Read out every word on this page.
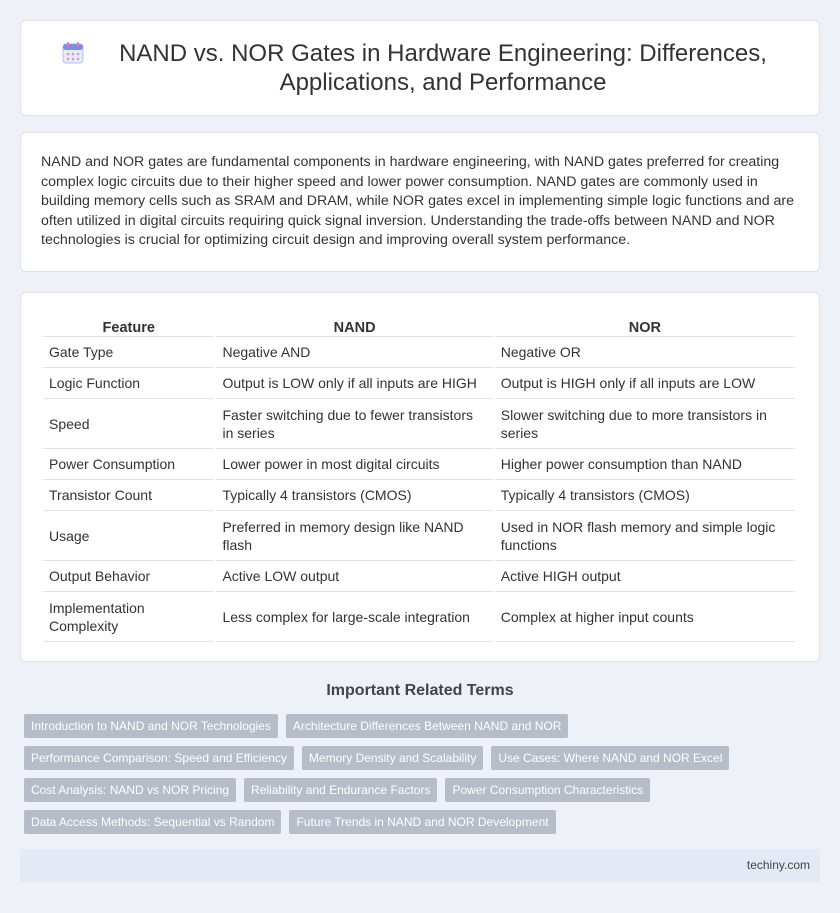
NAND vs. NOR Gates in Hardware Engineering: Differences, Applications, and Performance

NAND and NOR gates are fundamental components in hardware engineering, with NAND gates preferred for creating complex logic circuits due to their higher speed and lower power consumption. NAND gates are commonly used in building memory cells such as SRAM and DRAM, while NOR gates excel in implementing simple logic functions and are often utilized in digital circuits requiring quick signal inversion. Understanding the trade-offs between NAND and NOR technologies is crucial for optimizing circuit design and improving overall system performance.

Feature	NAND	NOR
Gate Type	Negative AND	Negative OR
Logic Function	Output is LOW only if all inputs are HIGH	Output is HIGH only if all inputs are LOW
Speed	Faster switching due to fewer transistors in series	Slower switching due to more transistors in series
Power Consumption	Lower power in most digital circuits	Higher power consumption than NAND
Transistor Count	Typically 4 transistors (CMOS)	Typically 4 transistors (CMOS)
Usage	Preferred in memory design like NAND flash	Used in NOR flash memory and simple logic functions
Output Behavior	Active LOW output	Active HIGH output
Implementation Complexity	Less complex for large-scale integration	Complex at higher input counts
Important Related Terms
Introduction to NAND and NOR Technologies	Architecture Differences Between NAND and NOR
Performance Comparison: Speed and Efficiency	Memory Density and Scalability	Use Cases: Where NAND and NOR Excel
Cost Analysis: NAND vs NOR Pricing	Reliability and Endurance Factors	Power Consumption Characteristics
Data Access Methods: Sequential vs Random	Future Trends in NAND and NOR Development
techiny.com
